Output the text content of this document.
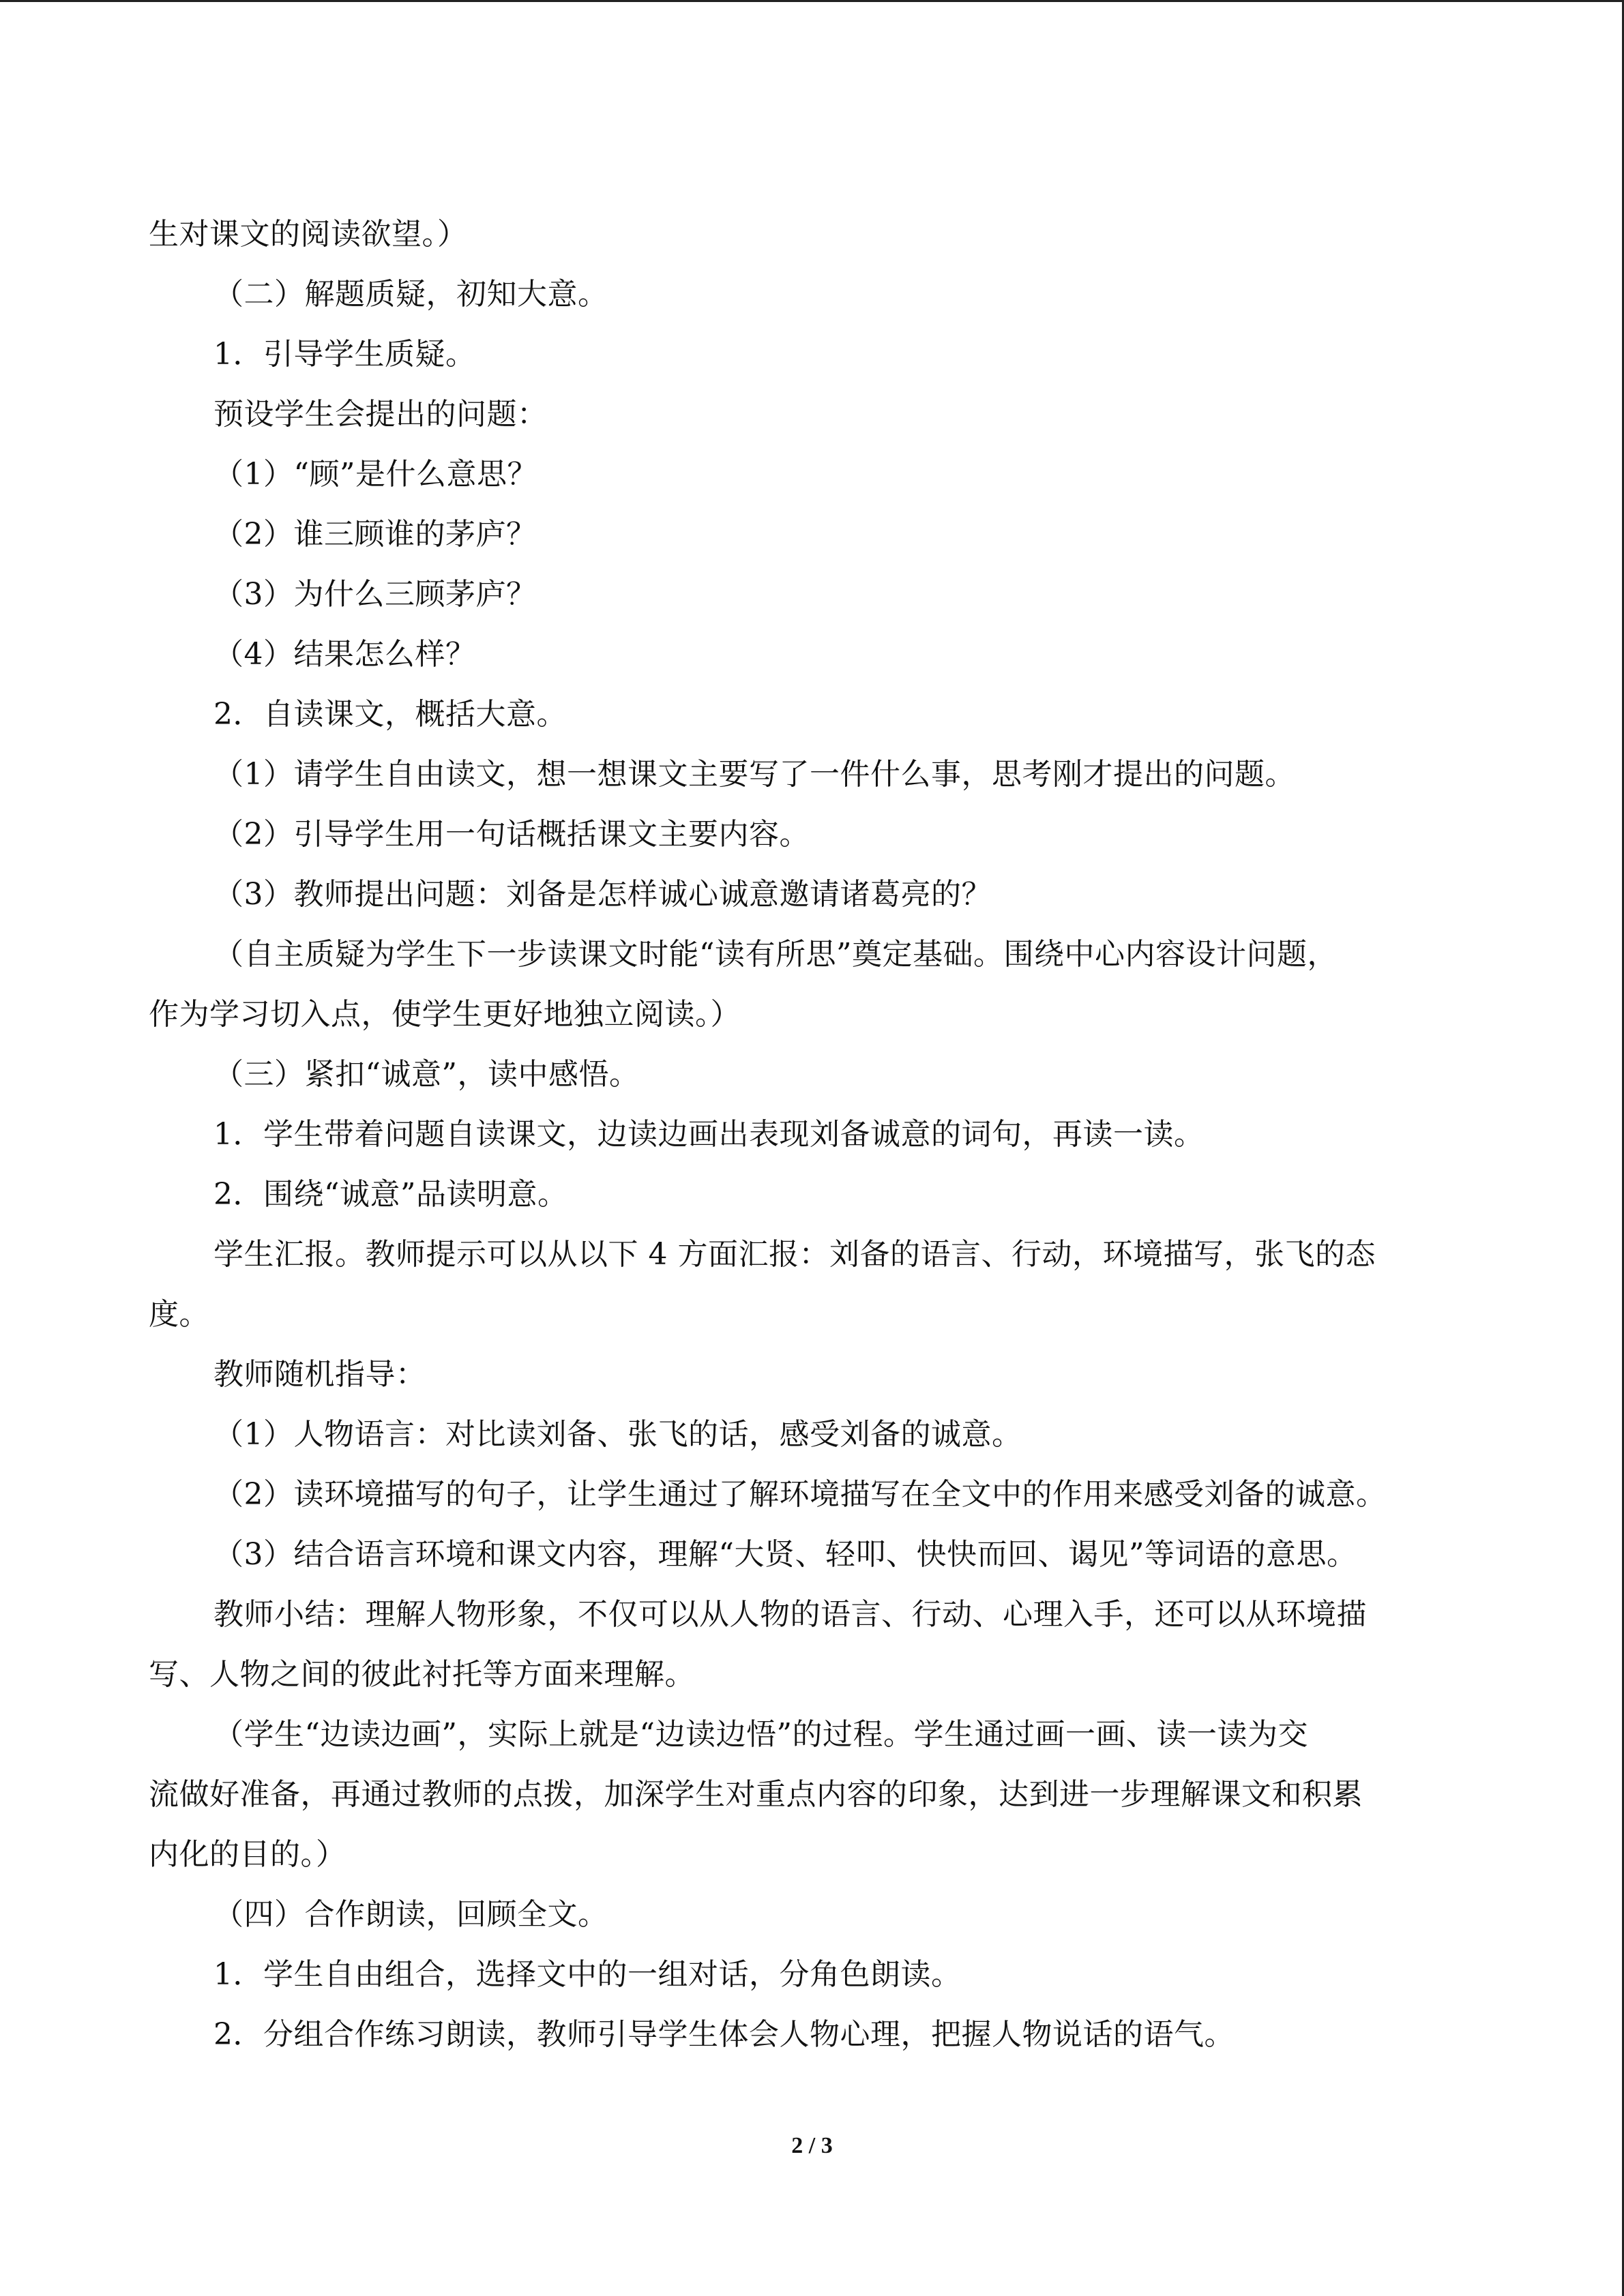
生对课文的阅读欲望。）
（二）解题质疑，初知大意。
1．引导学生质疑。
预设学生会提出的问题：
（1）“顾”是什么意思？
（2）谁三顾谁的茅庐？
（3）为什么三顾茅庐？
（4）结果怎么样？
2．自读课文，概括大意。
（1）请学生自由读文，想一想课文主要写了一件什么事，思考刚才提出的问题。
（2）引导学生用一句话概括课文主要内容。
（3）教师提出问题：刘备是怎样诚心诚意邀请诸葛亮的？
（自主质疑为学生下一步读课文时能“读有所思”奠定基础。围绕中心内容设计问题，
作为学习切入点，使学生更好地独立阅读。）
（三）紧扣“诚意”，读中感悟。
1．学生带着问题自读课文，边读边画出表现刘备诚意的词句，再读一读。
2．围绕“诚意”品读明意。
学生汇报。教师提示可以从以下 4 方面汇报：刘备的语言、行动，环境描写，张飞的态
度。
教师随机指导：
（1）人物语言：对比读刘备、张飞的话，感受刘备的诚意。
（2）读环境描写的句子，让学生通过了解环境描写在全文中的作用来感受刘备的诚意。
（3）结合语言环境和课文内容，理解“大贤、轻叩、快快而回、谒见”等词语的意思。
教师小结：理解人物形象，不仅可以从人物的语言、行动、心理入手，还可以从环境描
写、人物之间的彼此衬托等方面来理解。
（学生“边读边画”，实际上就是“边读边悟”的过程。学生通过画一画、读一读为交
流做好准备，再通过教师的点拨，加深学生对重点内容的印象，达到进一步理解课文和积累
内化的目的。）
（四）合作朗读，回顾全文。
1．学生自由组合，选择文中的一组对话，分角色朗读。
2．分组合作练习朗读，教师引导学生体会人物心理，把握人物说话的语气。
2 / 3
